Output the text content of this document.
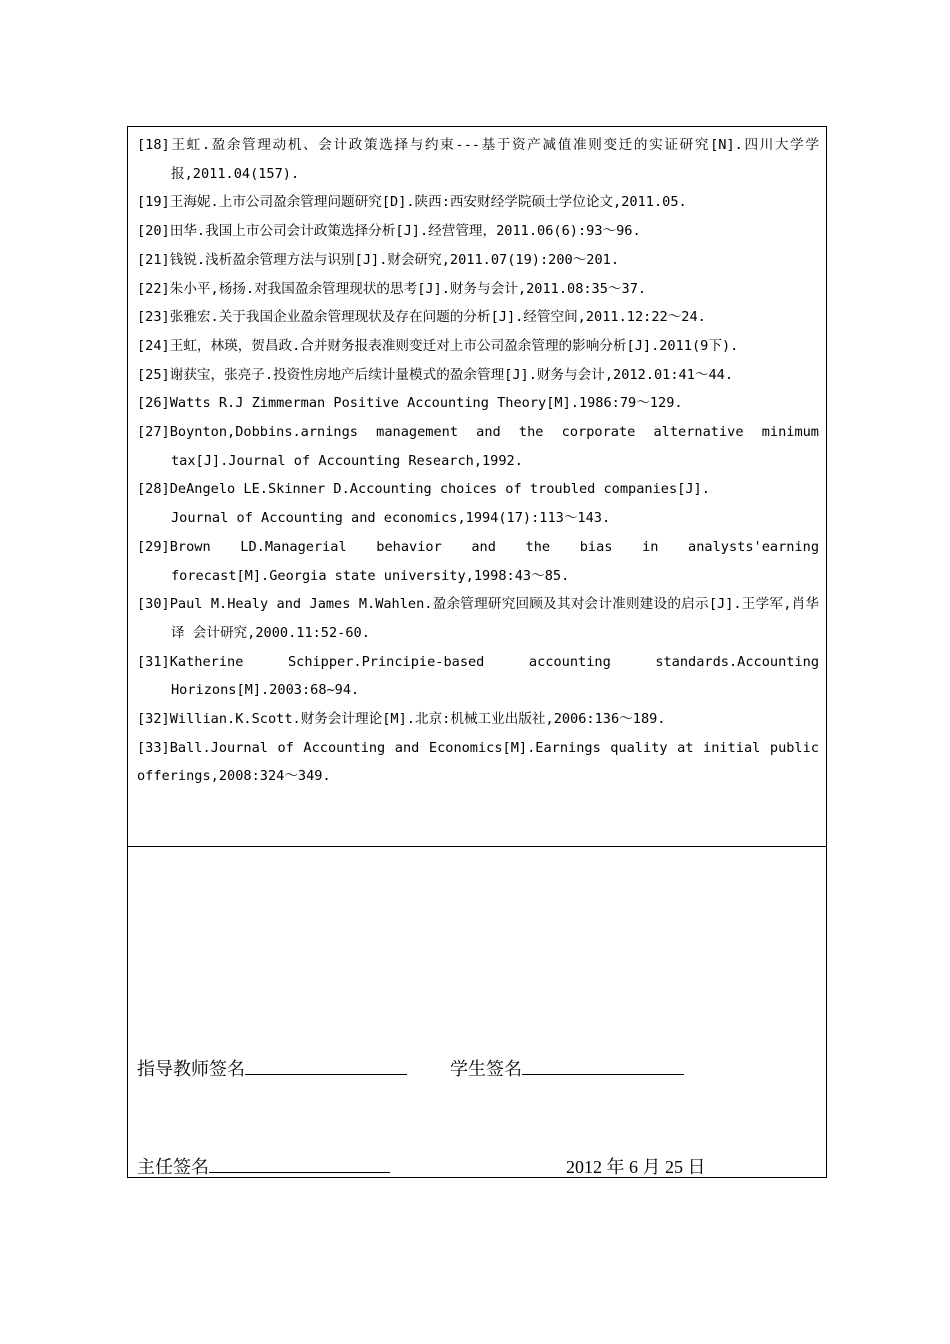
[18]王虹.盈余管理动机、会计政策选择与约束---基于资产减值准则变迁的实证研究[N].四川大学学报,2011.04(157).

[19]王海妮.上市公司盈余管理问题研究[D].陕西:西安财经学院硕士学位论文,2011.05.

[20]田华.我国上市公司会计政策选择分析[J].经营管理，2011.06(6):93～96.

[21]钱锐.浅析盈余管理方法与识别[J].财会研究,2011.07(19):200～201.

[22]朱小平,杨扬.对我国盈余管理现状的思考[J].财务与会计,2011.08:35～37.

[23]张雅宏.关于我国企业盈余管理现状及存在问题的分析[J].经管空间,2011.12:22～24.

[24]王虹，林瑛，贺昌政.合并财务报表准则变迁对上市公司盈余管理的影响分析[J].2011(9下).

[25]谢获宝，张亮子.投资性房地产后续计量模式的盈余管理[J].财务与会计,2012.01:41～44.

[26]Watts R.J Zimmerman Positive Accounting Theory[M].1986:79～129.

[27]Boynton,Dobbins.arnings management and the corporate alternative minimum tax[J].Journal of Accounting Research,1992.

[28]DeAngelo LE.Skinner D.Accounting choices of troubled companies[J].
Journal of Accounting and economics,1994(17):113～143.

[29]Brown LD.Managerial behavior and the bias in analysts'earning forecast[M].Georgia state university,1998:43～85.

[30]Paul M.Healy and James M.Wahlen.盈余管理研究回顾及其对会计准则建设的启示[J].王学军,肖华译 会计研究,2000.11:52-60.

[31]Katherine Schipper.Principie-based accounting standards.Accounting Horizons[M].2003:68~94.

[32]Willian.K.Scott.财务会计理论[M].北京:机械工业出版社,2006:136～189.

[33]Ball.Journal of Accounting and Economics[M].Earnings quality at initial public offerings,2008:324～349.

指导教师签名	学生签名
主任签名	2012 年 6 月 25 日
